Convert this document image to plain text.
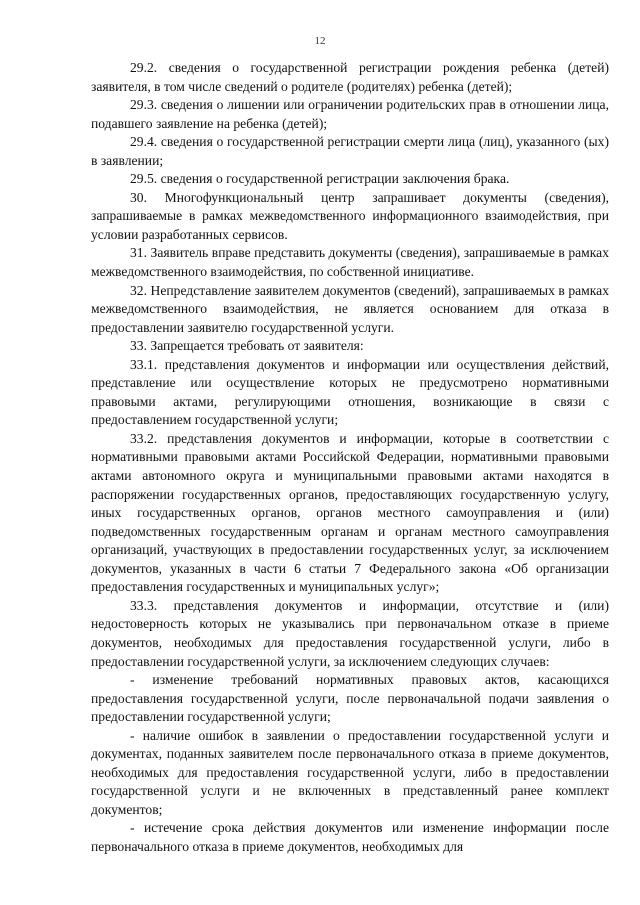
12

29.2. сведения о государственной регистрации рождения ребенка (детей) заявителя, в том числе сведений о родителе (родителях) ребенка (детей);

29.3. сведения о лишении или ограничении родительских прав в отношении лица, подавшего заявление на ребенка (детей);

29.4. сведения о государственной регистрации смерти лица (лиц), указанного (ых) в заявлении;

29.5. сведения о государственной регистрации заключения брака.

30. Многофункциональный центр запрашивает документы (сведения), запрашиваемые в рамках межведомственного информационного взаимодействия, при условии разработанных сервисов.

31. Заявитель вправе представить документы (сведения), запрашиваемые в рамках межведомственного взаимодействия, по собственной инициативе.

32. Непредставление заявителем документов (сведений), запрашиваемых в рамках межведомственного взаимодействия, не является основанием для отказа в предоставлении заявителю государственной услуги.

33. Запрещается требовать от заявителя:

33.1. представления документов и информации или осуществления действий, представление или осуществление которых не предусмотрено нормативными правовыми актами, регулирующими отношения, возникающие в связи с предоставлением государственной услуги;

33.2. представления документов и информации, которые в соответствии с нормативными правовыми актами Российской Федерации, нормативными правовыми актами автономного округа и муниципальными правовыми актами находятся в распоряжении государственных органов, предоставляющих государственную услугу, иных государственных органов, органов местного самоуправления и (или) подведомственных государственным органам и органам местного самоуправления организаций, участвующих в предоставлении государственных услуг, за исключением документов, указанных в части 6 статьи 7 Федерального закона «Об организации предоставления государственных и муниципальных услуг»;

33.3. представления документов и информации, отсутствие и (или) недостоверность которых не указывались при первоначальном отказе в приеме документов, необходимых для предоставления государственной услуги, либо в предоставлении государственной услуги, за исключением следующих случаев:

- изменение требований нормативных правовых актов, касающихся предоставления государственной услуги, после первоначальной подачи заявления о предоставлении государственной услуги;

- наличие ошибок в заявлении о предоставлении государственной услуги и документах, поданных заявителем после первоначального отказа в приеме документов, необходимых для предоставления государственной услуги, либо в предоставлении государственной услуги и не включенных в представленный ранее комплект документов;

- истечение срока действия документов или изменение информации после первоначального отказа в приеме документов, необходимых для
